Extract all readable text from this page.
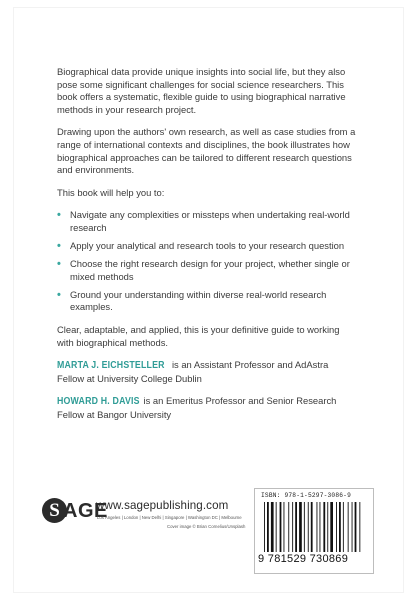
Biographical data provide unique insights into social life, but they also pose some significant challenges for social science researchers. This book offers a systematic, flexible guide to using biographical narrative methods in your research project.

Drawing upon the authors' own research, as well as case studies from a range of international contexts and disciplines, the book illustrates how biographical approaches can be tailored to different research questions and environments.

This book will help you to:

• Navigate any complexities or missteps when undertaking real-world research
• Apply your analytical and research tools to your research question
• Choose the right research design for your project, whether single or mixed methods
• Ground your understanding within diverse real-world research examples.

Clear, adaptable, and applied, this is your definitive guide to working with biographical methods.

MARTA J. EICHSTELLER is an Assistant Professor and AdAstra Fellow at University College Dublin

HOWARD H. DAVIS is an Emeritus Professor and Senior Research Fellow at Bangor University

S AGE
www.sagepublishing.com
Los Angeles | London | New Delhi | Singapore | Washington DC | Melbourne
Cover image © Brian Cornelius/Unsplash
ISBN: 978-1-5297-3086-9
9 781529 730869
